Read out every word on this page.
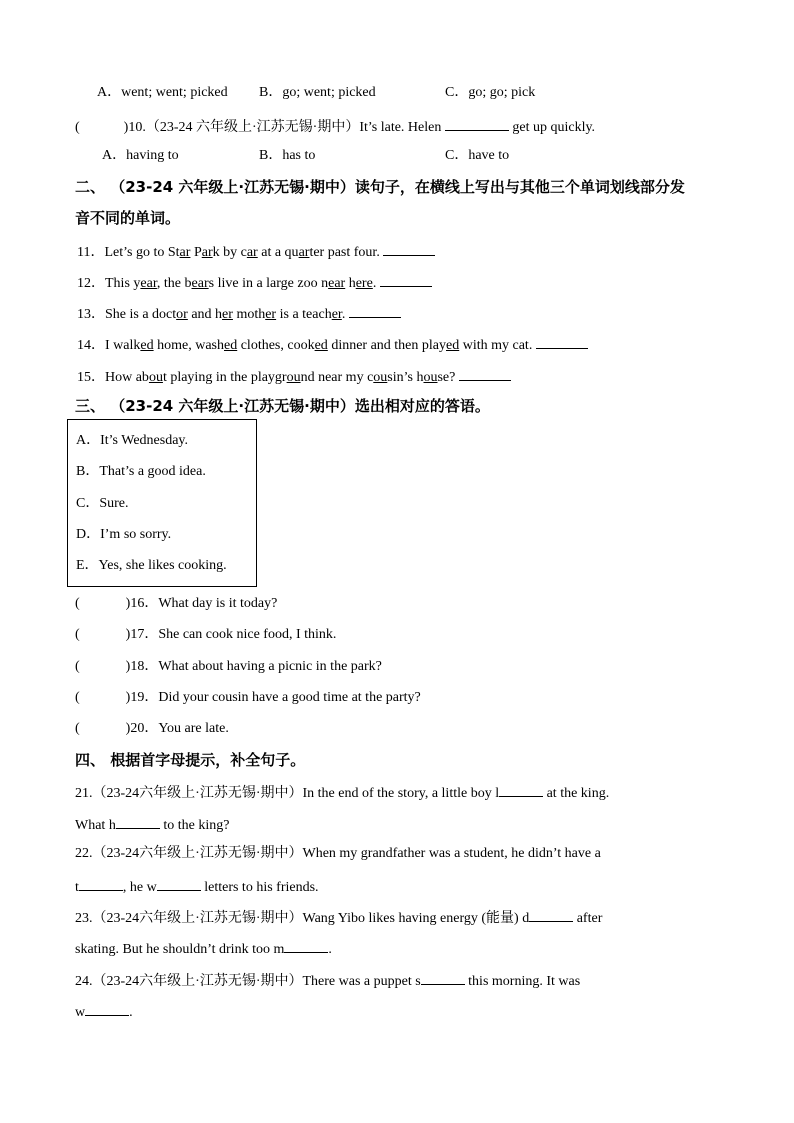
A．went; went; picked B．go; went; picked	C．go; go; pick
(	)10.（23-24 六年级上·江苏无锡·期中）It’s late. Helen	get up quickly.
A．having to	B．has to	C．have to
二、 （23-24 六年级上·江苏无锡·期中）读句子，在横线上写出与其他三个单词划线部分发
音不同的单词。
11．Let’s go to Star Park by car at a quarter past four.
12．This year, the bears live in a large zoo near here.
13．She is a doctor and her mother is a teacher.
14．I walked home, washed clothes, cooked dinner and then played with my cat.
15．How about playing in the playground near my cousin’s house?
三、 （23-24 六年级上·江苏无锡·期中）选出相对应的答语。
A．It’s Wednesday.
B．That’s a good idea.
C．Sure.
D．I’m so sorry.
E．Yes, she likes cooking.
(	)16．What day is it today?
(	)17．She can cook nice food, I think.
(	)18．What about having a picnic in the park?
(	)19．Did your cousin have a good time at the party?
(	)20．You are late.
四、 根据首字母提示，补全句子。
21.（23-24六年级上·江苏无锡·期中）In the end of the story, a little boy l	at the king.
What h	to the king?
22.（23-24六年级上·江苏无锡·期中）When my grandfather was a student, he didn’t have a
t	, he w	letters to his friends.
23.（23-24六年级上·江苏无锡·期中）Wang Yibo likes having energy (能量) d	after
skating. But he shouldn’t drink too m	.
24.（23-24六年级上·江苏无锡·期中）There was a puppet s	this morning. It was
w	.
